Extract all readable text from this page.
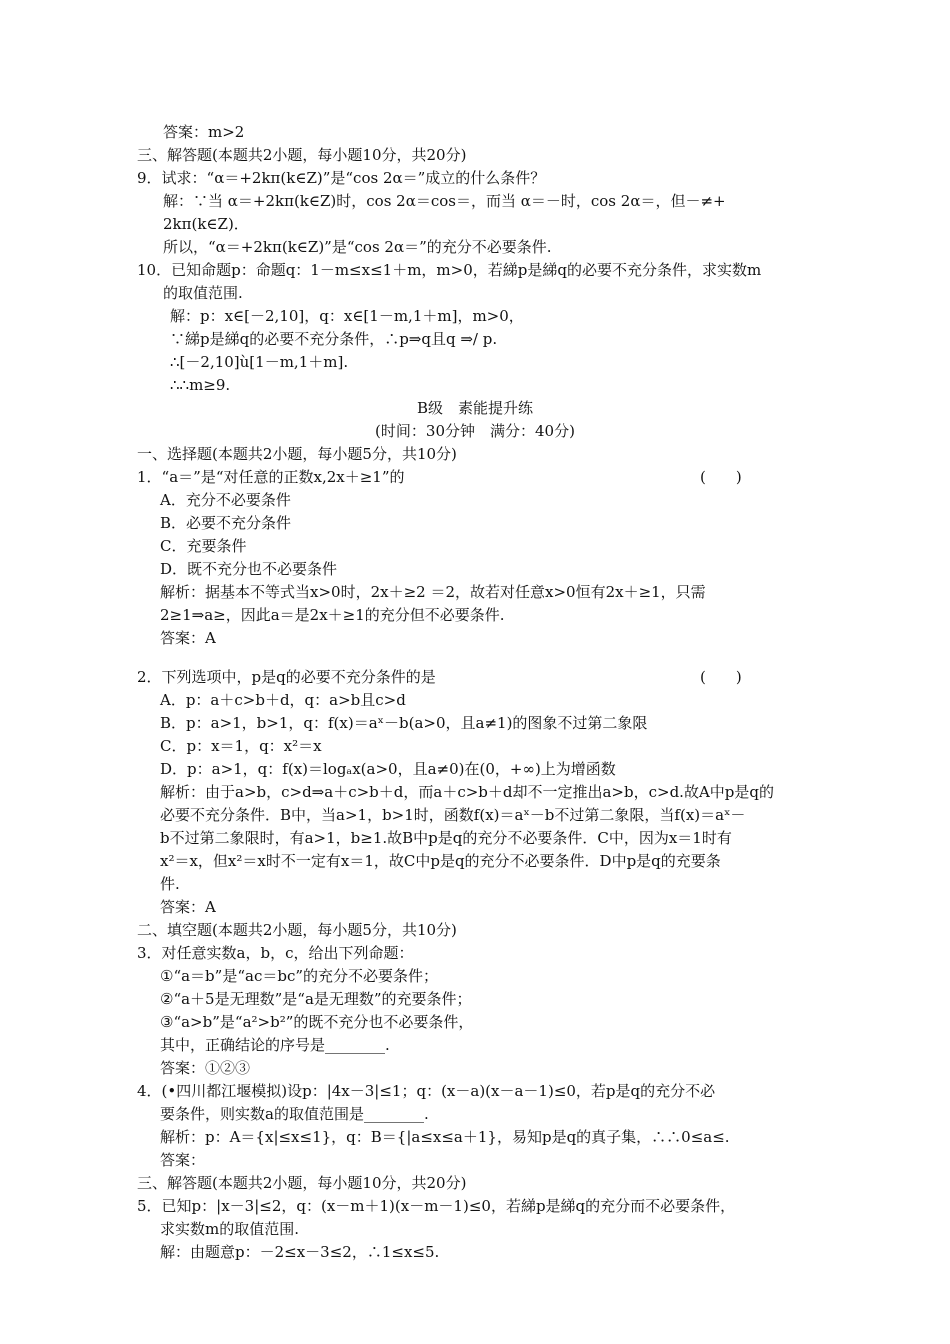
答案：m>2
三、解答题(本题共2小题，每小题10分，共20分)
9．试求：“α＝+2kπ(k∈Z)”是“cos 2α＝”成立的什么条件？
解：∵当 α＝+2kπ(k∈Z)时，cos 2α＝cos＝，而当 α＝－时，cos 2α＝，但－≠+
2kπ(k∈Z)．
所以，“α＝+2kπ(k∈Z)”是“cos 2α＝”的充分不必要条件.
10．已知命题p：命题q：1－m≤x≤1＋m，m>0，若綈p是綈q的必要不充分条件，求实数m
的取值范围.
解：p：x∈[－2,10]，q：x∈[1－m,1＋m]，m>0，
∵綈p是綈q的必要不充分条件，∴p⇒q且q ⇒/ p.
∴[－2,10]ù[1－m,1＋m].
∴∴m≥9.
一、选择题(本题共2小题，每小题5分，共10分)
1．“a＝”是“对任意的正数x,2x＋≥1”的
A．充分不必要条件
B．必要不充分条件
C．充要条件
D．既不充分也不必要条件
解析：据基本不等式当x>0时，2x＋≥2 ＝2，故若对任意x>0恒有2x＋≥1，只需
2≥1⇒a≥，因此a＝是2x＋≥1的充分但不必要条件.
答案：A
2．下列选项中，p是q的必要不充分条件的是
A．p：a＋c>b＋d，q：a>b且c>d
B．p：a>1，b>1，q：f(x)＝aˣ－b(a>0，且a≠1)的图象不过第二象限
C．p：x＝1，q：x²＝x
D．p：a>1，q：f(x)＝logₐx(a>0，且a≠0)在(0，+∞)上为增函数
解析：由于a>b，c>d⇒a＋c>b＋d，而a＋c>b＋d却不一定推出a>b，c>d.故A中p是q的
必要不充分条件．B中，当a>1，b>1时，函数f(x)＝aˣ－b不过第二象限，当f(x)＝aˣ－
b不过第二象限时，有a>1，b≥1.故B中p是q的充分不必要条件．C中，因为x＝1时有
x²＝x，但x²＝x时不一定有x＝1，故C中p是q的充分不必要条件．D中p是q的充要条
件.
答案：A
二、填空题(本题共2小题，每小题5分，共10分)
3．对任意实数a，b，c，给出下列命题：
①“a＝b”是“ac＝bc”的充分不必要条件；
②“a＋5是无理数”是“a是无理数”的充要条件；
③“a>b”是“a²>b²”的既不充分也不必要条件，
其中，正确结论的序号是________.
答案：①②③
4．(•四川都江堰模拟)设p：|4x－3|≤1；q：(x－a)(x－a－1)≤0，若p是q的充分不必
要条件，则实数a的取值范围是________.
解析：p：A＝{x|≤x≤1}，q：B＝{|a≤x≤a＋1}，易知p是q的真子集，∴∴0≤a≤.
答案：
三、解答题(本题共2小题，每小题10分，共20分)
5．已知p：|x－3|≤2，q：(x－m＋1)(x－m－1)≤0，若綈p是綈q的充分而不必要条件，
求实数m的取值范围.
解：由题意p：－2≤x－3≤2，∴1≤x≤5.
B级　素能提升练
(时间：30分钟　满分：40分)
(　　)
(　　)
